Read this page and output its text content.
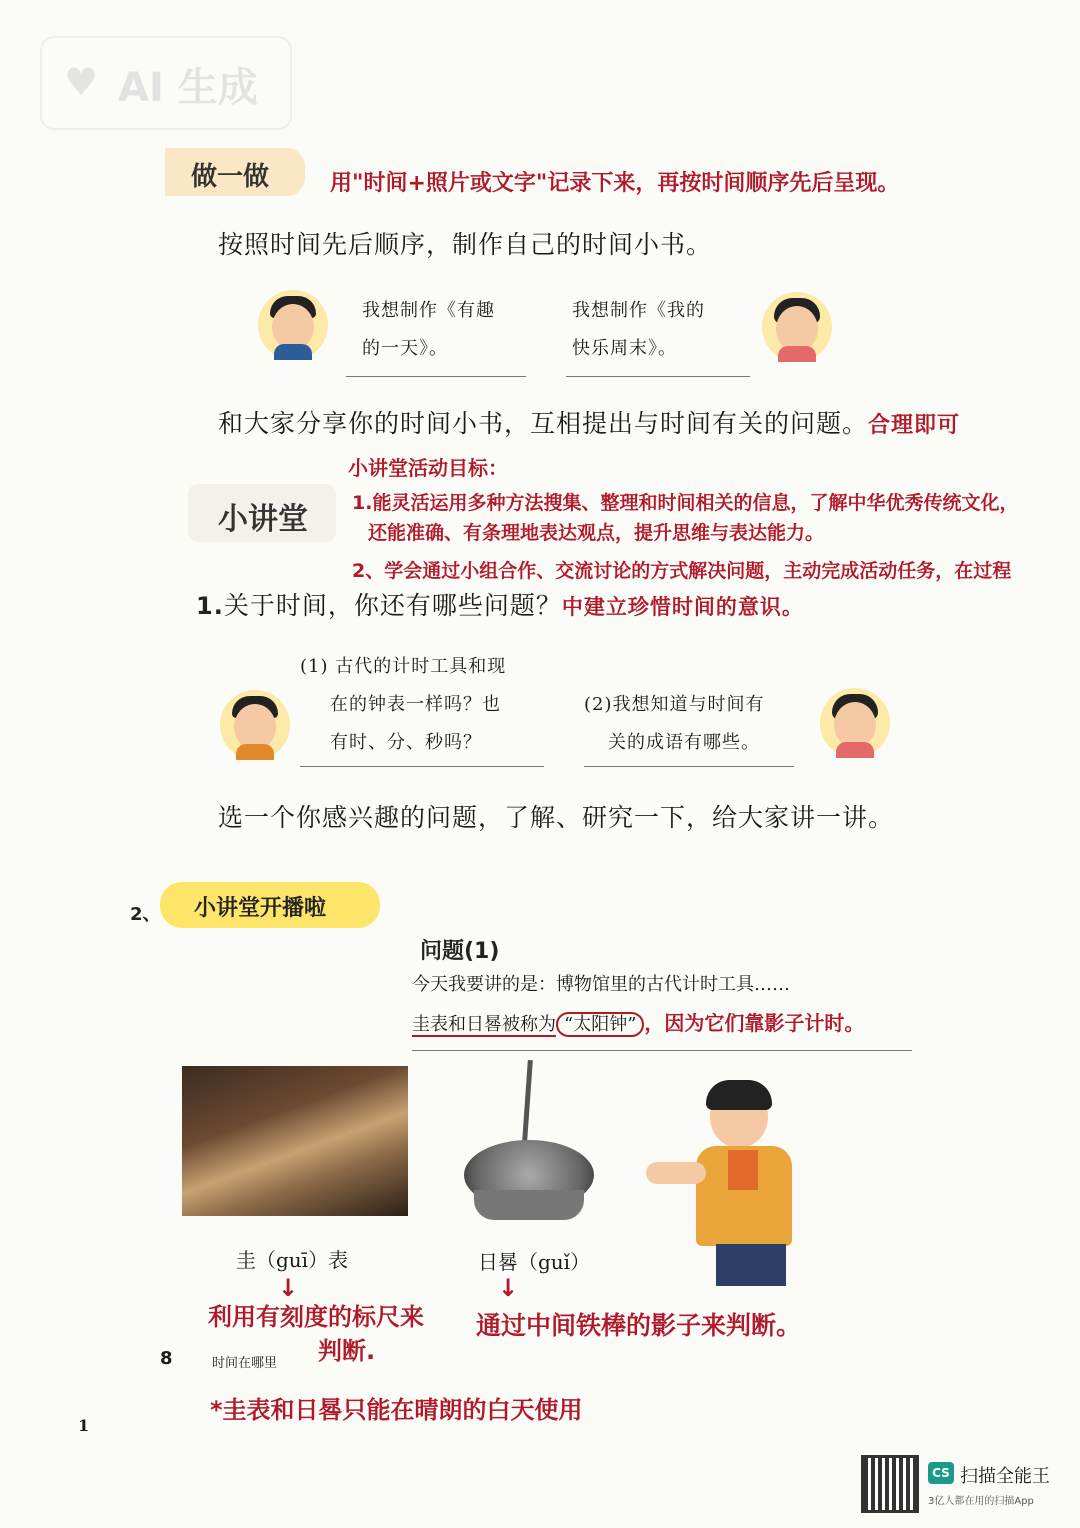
♥ AI 生成
做一做	用"时间+照片或文字"记录下来，再按时间顺序先后呈现。
按照时间先后顺序，制作自己的时间小书。
我想制作《有趣
的一天》。
我想制作《我的
快乐周末》。
和大家分享你的时间小书，互相提出与时间有关的问题。合理即可
小讲堂活动目标：
小讲堂 1.能灵活运用多种方法搜集、整理和时间相关的信息，了解中华优秀传统文化，
还能准确、有条理地表达观点，提升思维与表达能力。
2、学会通过小组合作、交流讨论的方式解决问题，主动完成活动任务，在过程
1.关于时间，你还有哪些问题？中建立珍惜时间的意识。
(1) 古代的计时工具和现
在的钟表一样吗？也
有时、分、秒吗？
(2)我想知道与时间有
关的成语有哪些。
选一个你感兴趣的问题，了解、研究一下，给大家讲一讲。
2、 小讲堂开播啦
问题(1)
今天我要讲的是：博物馆里的古代计时工具……
圭表和日晷被称为 “太阳钟” ，因为它们靠影子计时。
圭（guī）表	日晷（guǐ）
↓	↓
利用有刻度的标尺来
判断.
通过中间铁棒的影子来判断。
8	时间在哪里
*圭表和日晷只能在晴朗的白天使用
1
CS 扫描全能王
3亿人都在用的扫描App
